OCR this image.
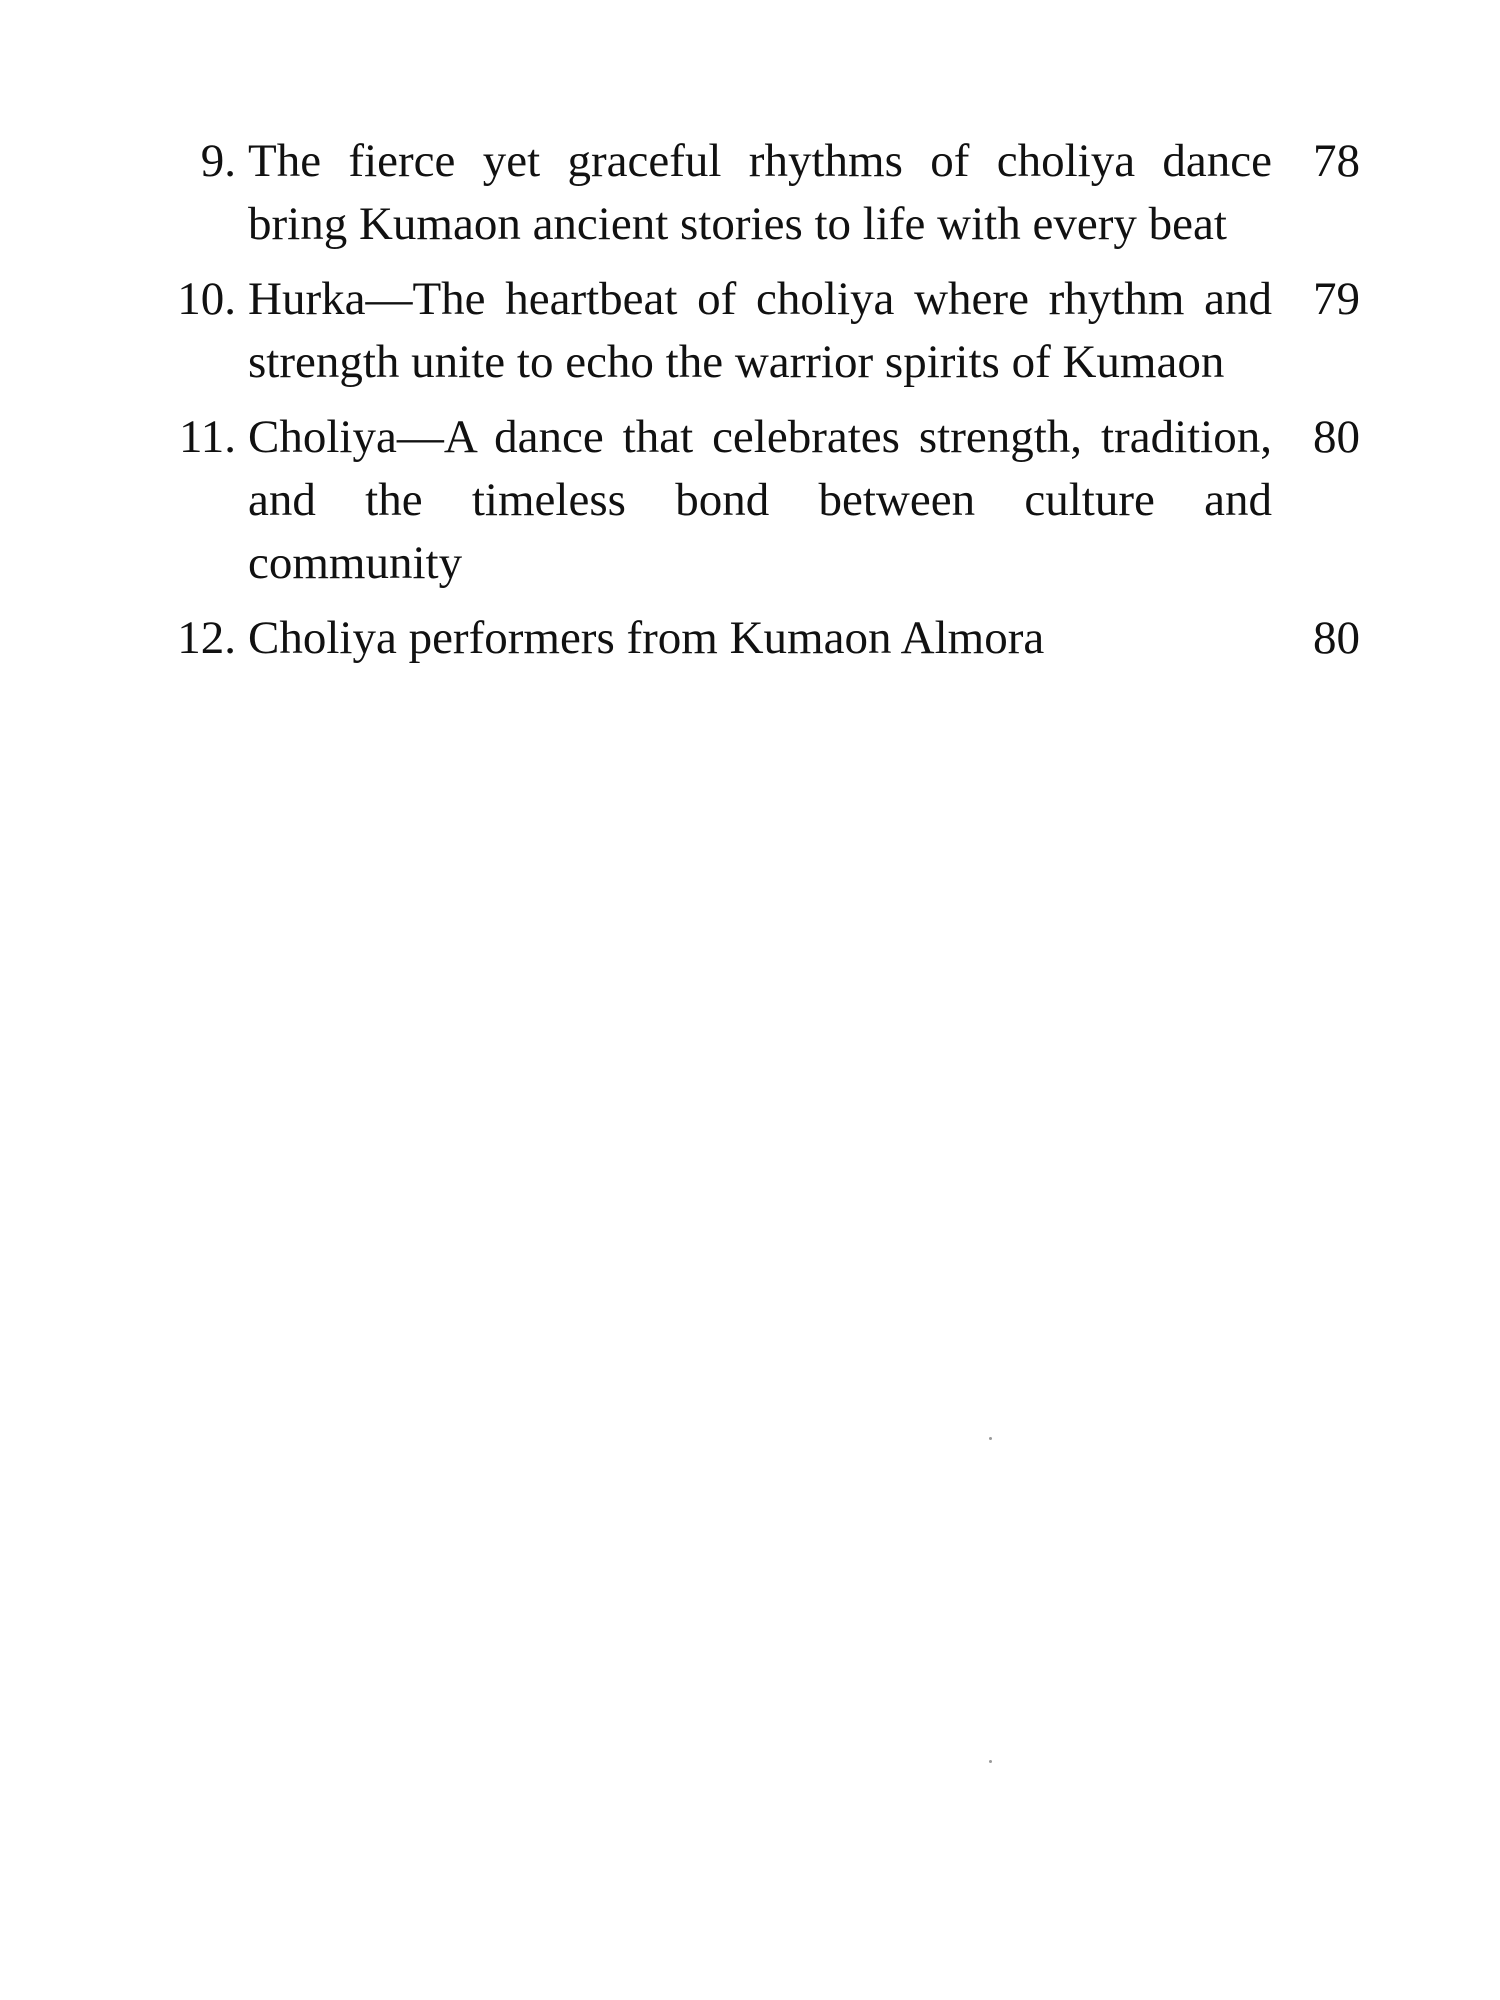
9. The fierce yet graceful rhythms of choliya dance bring Kumaon ancient stories to life with every beat
78
10. Hurka—The heartbeat of choliya where rhythm and strength unite to echo the warrior spirits of Kumaon
79
11. Choliya—A dance that celebrates strength, tradition, and the timeless bond between culture and community
80
12. Choliya performers from Kumaon Almora	80
